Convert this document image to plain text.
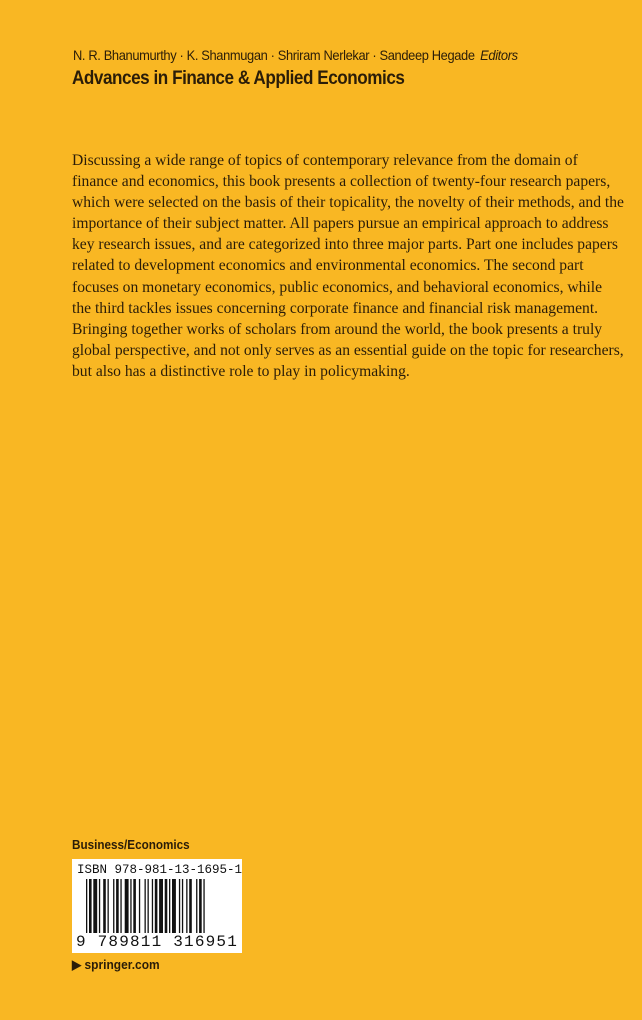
N. R. Bhanumurthy · K. Shanmugan · Shriram Nerlekar · Sandeep Hegade Editors
Advances in Finance & Applied Economics
Discussing a wide range of topics of contemporary relevance from the domain of
finance and economics, this book presents a collection of twenty-four research papers,
which were selected on the basis of their topicality, the novelty of their methods, and the
importance of their subject matter. All papers pursue an empirical approach to address
key research issues, and are categorized into three major parts. Part one includes papers
related to development economics and environmental economics. The second part
focuses on monetary economics, public economics, and behavioral economics, while
the third tackles issues concerning corporate finance and financial risk management.
Bringing together works of scholars from around the world, the book presents a truly
global perspective, and not only serves as an essential guide on the topic for researchers,
but also has a distinctive role to play in policymaking.
Business/Economics
ISBN 978-981-13-1695-1
9 789811 316951
▶ springer.com
